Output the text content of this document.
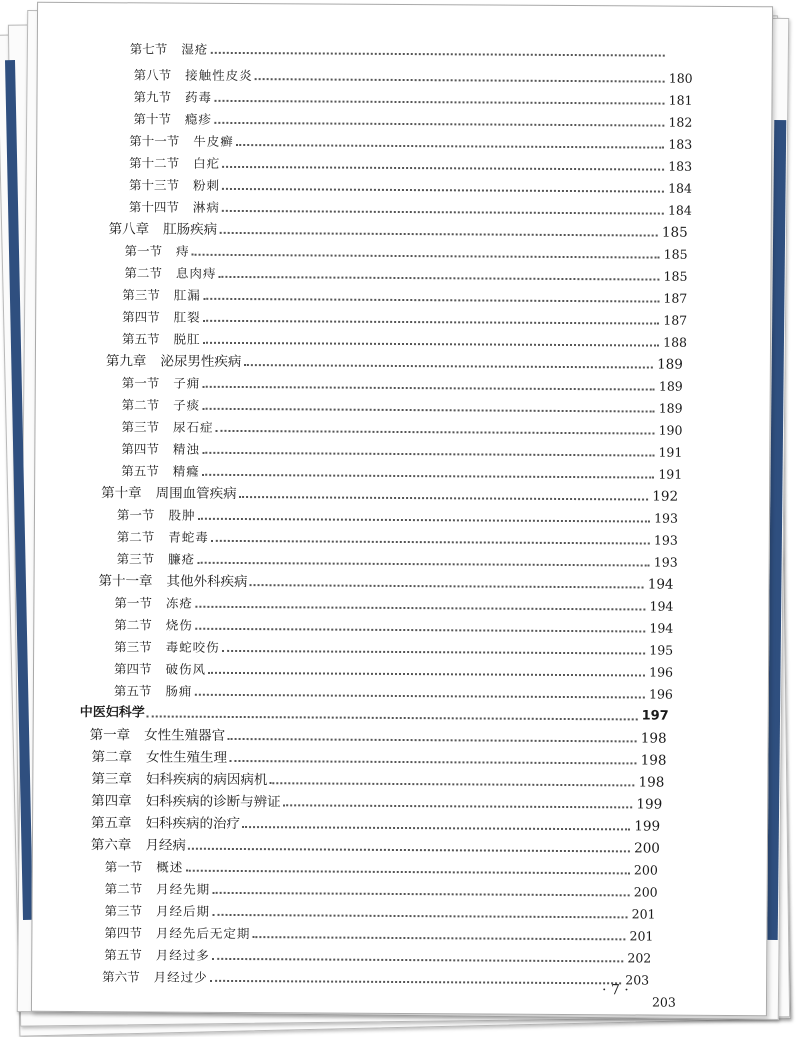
第七节 湿疮
第八节 接触性皮炎	180
第九节 药毒	181
第十节 瘾疹	182
第十一节 牛皮癣	183
第十二节 白疕	183
第十三节 粉刺	184
第十四节 淋病	184
第八章 肛肠疾病	185
第一节 痔	185
第二节 息肉痔	185
第三节 肛漏	187
第四节 肛裂	187
第五节 脱肛	188
第九章 泌尿男性疾病	189
第一节 子痈	189
第二节 子痰	189
第三节 尿石症	190
第四节 精浊	191
第五节 精癃	191
第十章 周围血管疾病	192
第一节 股肿	193
第二节 青蛇毒	193
第三节 臁疮	193
第十一章 其他外科疾病	194
第一节 冻疮	194
第二节 烧伤	194
第三节 毒蛇咬伤	195
第四节 破伤风	196
第五节 肠痈	196
中医妇科学	197
第一章 女性生殖器官	198
第二章 女性生殖生理	198
第三章 妇科疾病的病因病机	198
第四章 妇科疾病的诊断与辨证	199
第五章 妇科疾病的治疗	199
第六章 月经病	200
第一节 概述	200
第二节 月经先期	200
第三节 月经后期	201
第四节 月经先后无定期	201
第五节 月经过多	202
第六节 月经过少	203
203
· 7 ·
